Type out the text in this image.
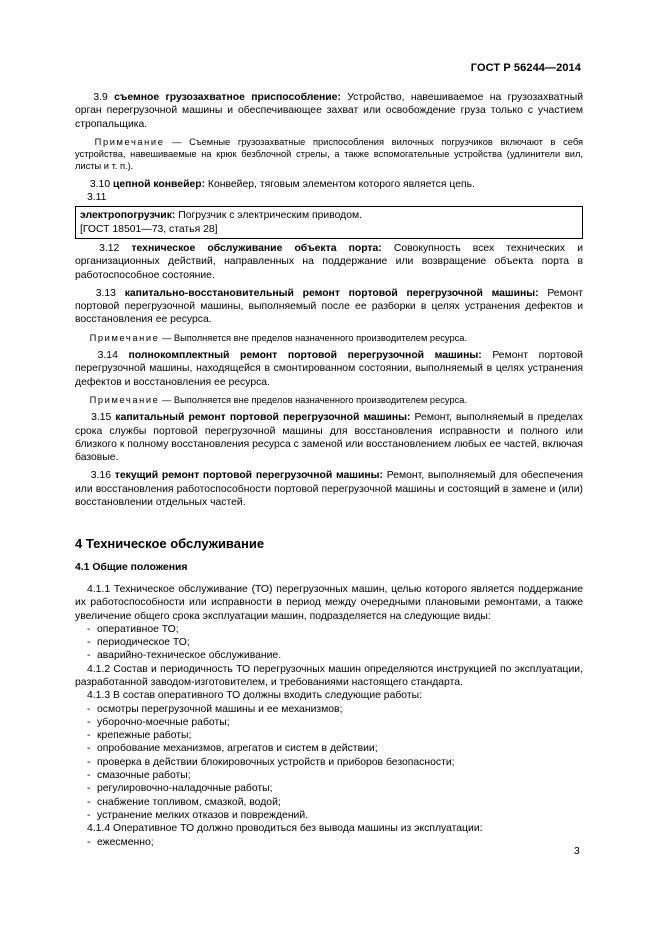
ГОСТ Р 56244—2014

3.9 съемное грузозахватное приспособление: Устройство, навешиваемое на грузозахватный орган перегрузочной машины и обеспечивающее захват или освобождение груза только с участием стропальщика.

Примечание — Съемные грузозахватные приспособления вилочных погрузчиков включают в себя устройства, навешиваемые на крюк безблочной стрелы, а также вспомогательные устройства (удлинители вил, листы и т. п.).

3.10 цепной конвейер: Конвейер, тяговым элементом которого является цепь.

3.11

электропогрузчик: Погрузчик с электрическим приводом.
[ГОСТ 18501—73, статья 28]

3.12 техническое обслуживание объекта порта: Совокупность всех технических и организационных действий, направленных на поддержание или возвращение объекта порта в работоспособное состояние.

3.13 капитально-восстановительный ремонт портовой перегрузочной машины: Ремонт портовой перегрузочной машины, выполняемый после ее разборки в целях устранения дефектов и восстановления ее ресурса.

Примечание — Выполняется вне пределов назначенного производителем ресурса.

3.14 полнокомплектный ремонт портовой перегрузочной машины: Ремонт портовой перегрузочной машины, находящейся в смонтированном состоянии, выполняемый в целях устранения дефектов и восстановления ее ресурса.

Примечание — Выполняется вне пределов назначенного производителем ресурса.

3.15 капитальный ремонт портовой перегрузочной машины: Ремонт, выполняемый в пределах срока службы портовой перегрузочной машины для восстановления исправности и полного или близкого к полному восстановления ресурса с заменой или восстановлением любых ее частей, включая базовые.

3.16 текущий ремонт портовой перегрузочной машины: Ремонт, выполняемый для обеспечения или восстановления работоспособности портовой перегрузочной машины и состоящий в замене и (или) восстановлении отдельных частей.

4 Техническое обслуживание
4.1 Общие положения

4.1.1 Техническое обслуживание (ТО) перегрузочных машин, целью которого является поддержание их работоспособности или исправности в период между очередными плановыми ремонтами, а также увеличение общего срока эксплуатации машин, подразделяется на следующие виды:

- оперативное ТО;
- периодическое ТО;
- аварийно-техническое обслуживание.

4.1.2 Состав и периодичность ТО перегрузочных машин определяются инструкцией по эксплуатации, разработанной заводом-изготовителем, и требованиями настоящего стандарта.

4.1.3 В состав оперативного ТО должны входить следующие работы:

- осмотры перегрузочной машины и ее механизмов;
- уборочно-моечные работы;
- крепежные работы;
- опробование механизмов, агрегатов и систем в действии;
- проверка в действии блокировочных устройств и приборов безопасности;
- смазочные работы;
- регулировочно-наладочные работы;
- снабжение топливом, смазкой, водой;
- устранение мелких отказов и повреждений.

4.1.4 Оперативное ТО должно проводиться без вывода машины из эксплуатации:

- ежесменно;
3
